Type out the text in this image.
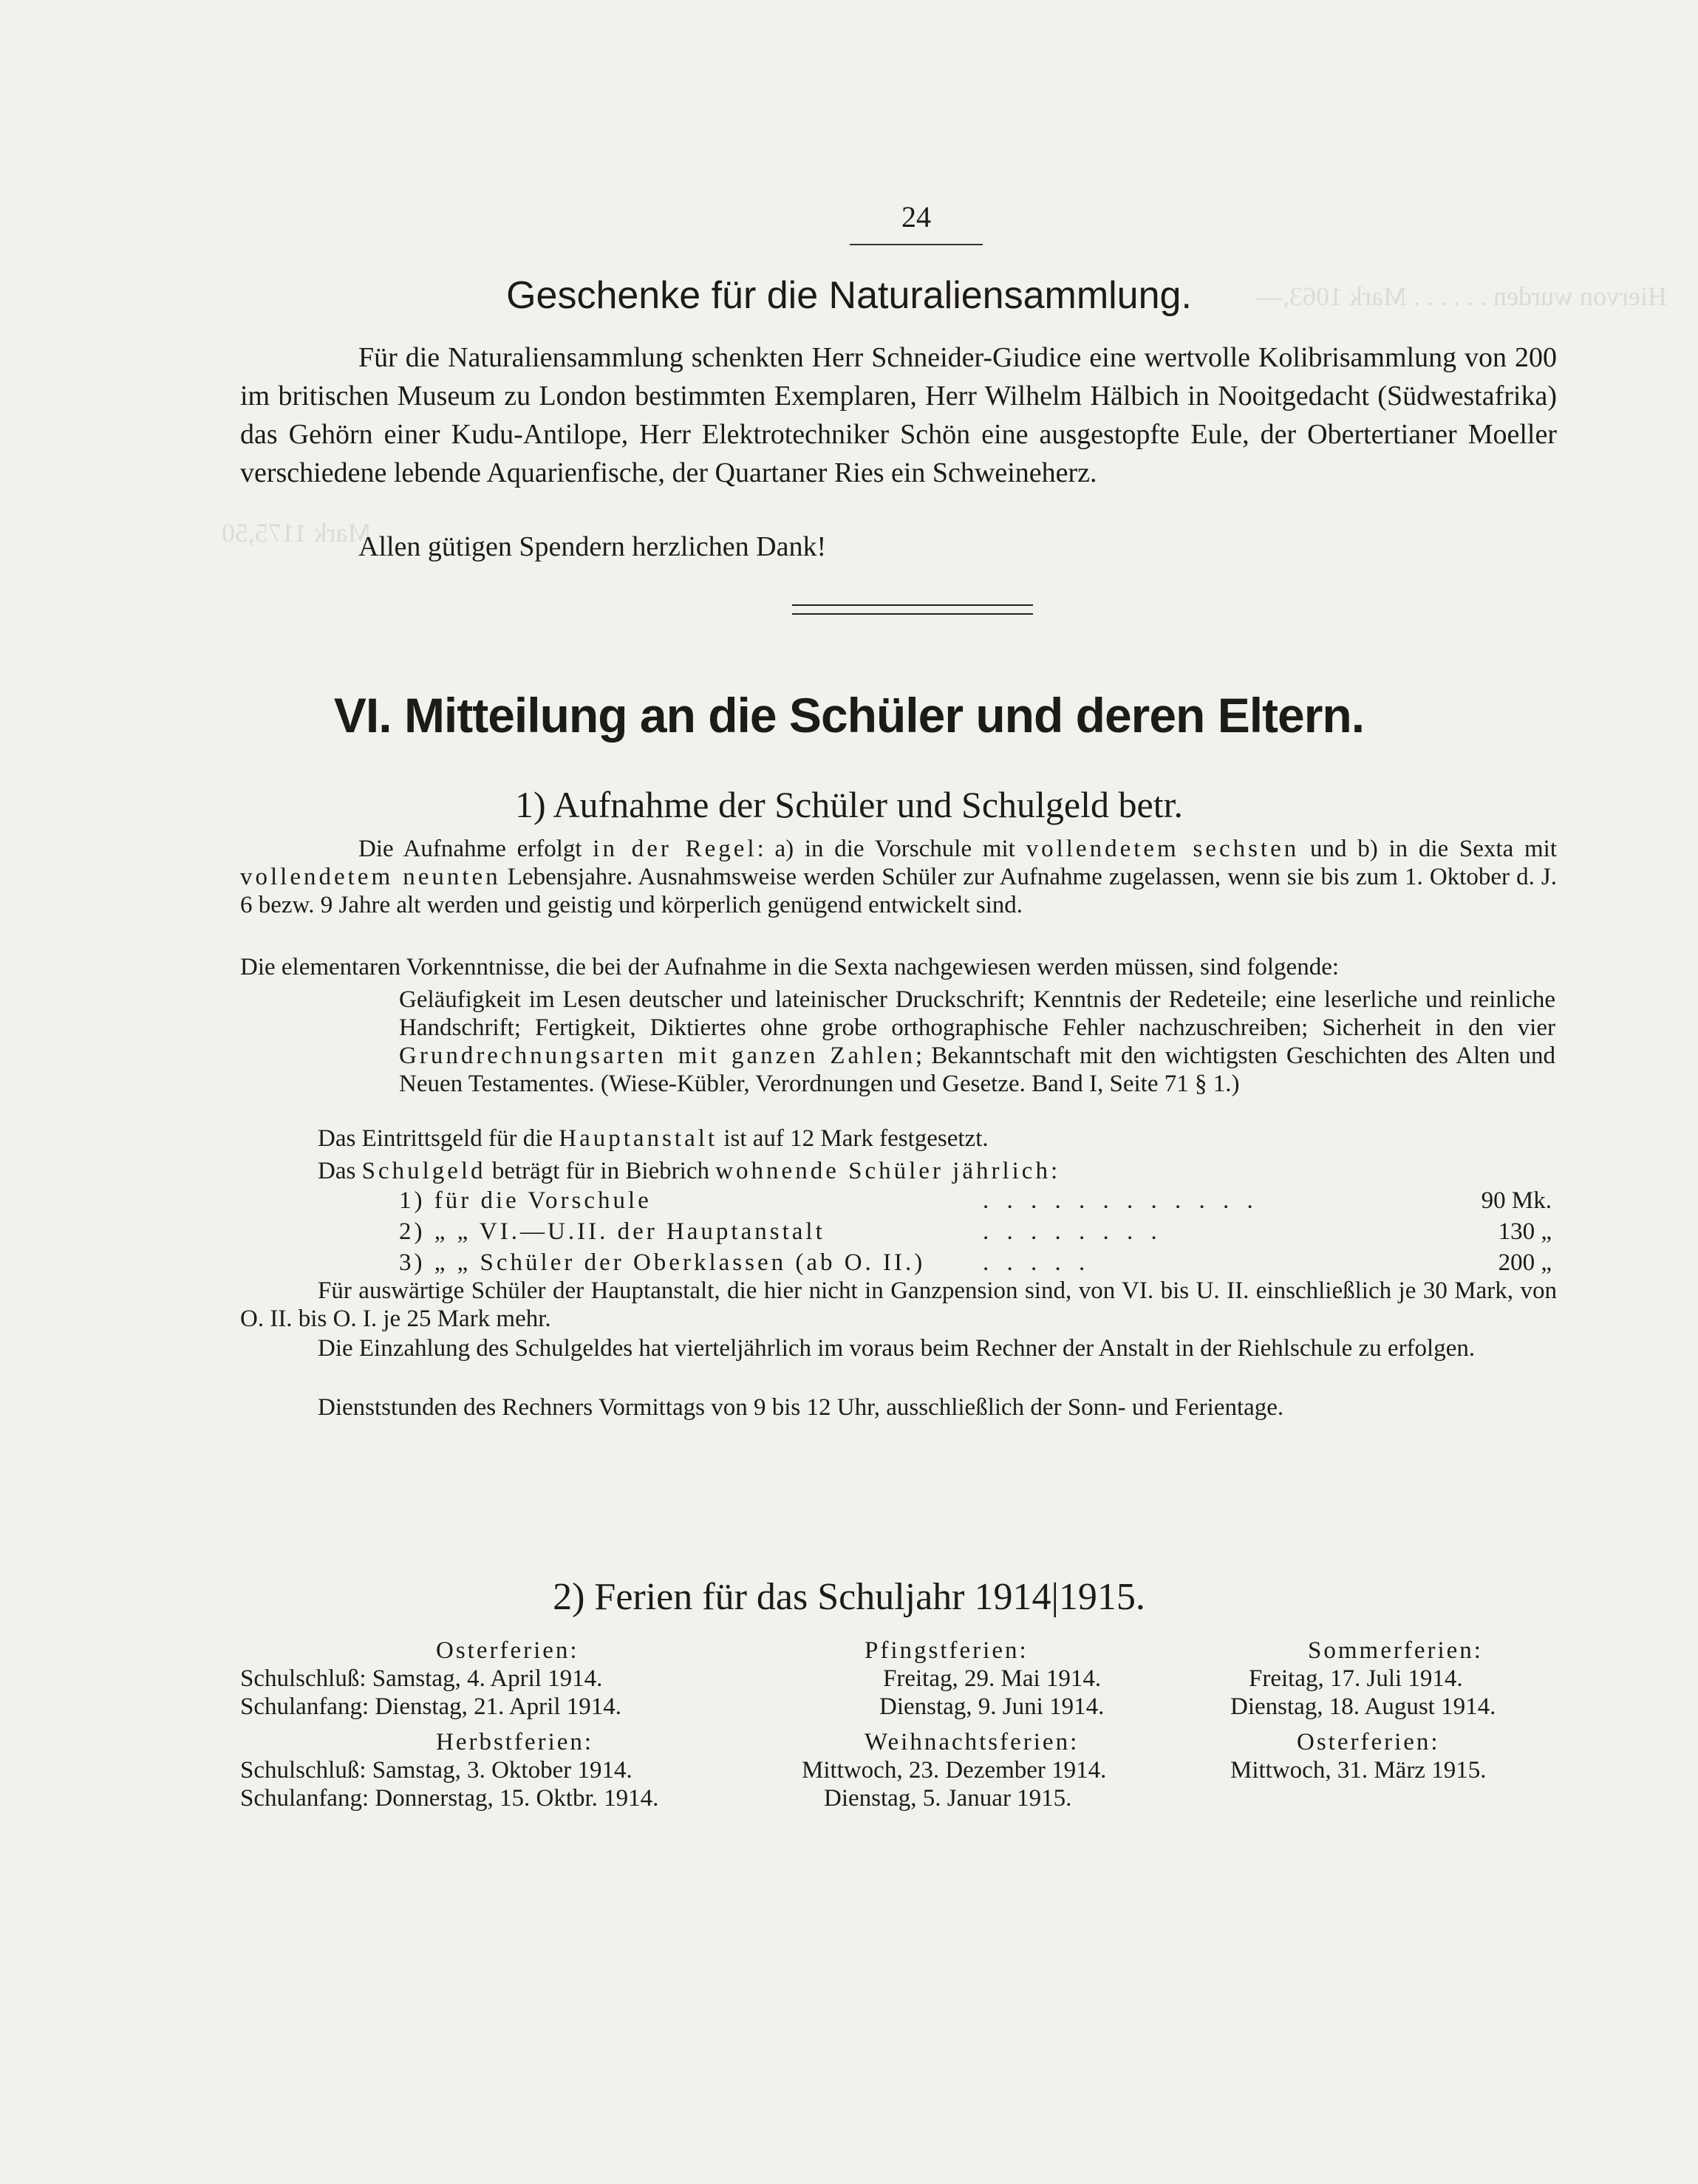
Hiervon wurden . . . . . . Mark 1063,—
Mark 1175,50
24
Geschenke für die Naturaliensammlung.
Für die Naturaliensammlung schenkten Herr Schneider-Giudice eine wertvolle Kolibrisammlung von 200 im britischen Museum zu London bestimmten Exemplaren, Herr Wilhelm Hälbich in Nooitgedacht (Südwestafrika) das Gehörn einer Kudu-Antilope, Herr Elektrotechniker Schön eine ausgestopfte Eule, der Obertertianer Moeller verschiedene lebende Aquarienfische, der Quartaner Ries ein Schweineherz.
Allen gütigen Spendern herzlichen Dank!
VI. Mitteilung an die Schüler und deren Eltern.
1) Aufnahme der Schüler und Schulgeld betr.
Die Aufnahme erfolgt in der Regel: a) in die Vorschule mit vollendetem sechsten und b) in die Sexta mit vollendetem neunten Lebensjahre. Ausnahmsweise werden Schüler zur Aufnahme zugelassen, wenn sie bis zum 1. Oktober d. J. 6 bezw. 9 Jahre alt werden und geistig und körperlich genügend entwickelt sind.
Die elementaren Vorkenntnisse, die bei der Aufnahme in die Sexta nachgewiesen werden müssen, sind folgende:
Geläufigkeit im Lesen deutscher und lateinischer Druckschrift; Kenntnis der Redeteile; eine leserliche und reinliche Handschrift; Fertigkeit, Diktiertes ohne grobe orthographische Fehler nachzuschreiben; Sicherheit in den vier Grundrechnungsarten mit ganzen Zahlen; Bekanntschaft mit den wichtigsten Geschichten des Alten und Neuen Testamentes. (Wiese-Kübler, Verordnungen und Gesetze. Band I, Seite 71 § 1.)
Das Eintrittsgeld für die Hauptanstalt ist auf 12 Mark festgesetzt.
Das Schulgeld beträgt für in Biebrich wohnende Schüler jährlich:
1) für die Vorschule	. . . . . . . . . . . .	90 Mk.
2) „ „ VI.—U.II. der Hauptanstalt	. . . . . . . .	130 „
3) „ „ Schüler der Oberklassen (ab O. II.) . . . . .	200 „
Für auswärtige Schüler der Hauptanstalt, die hier nicht in Ganzpension sind, von VI. bis U. II. einschließlich je 30 Mark, von O. II. bis O. I. je 25 Mark mehr.
Die Einzahlung des Schulgeldes hat vierteljährlich im voraus beim Rechner der Anstalt in der Riehlschule zu erfolgen.
Dienststunden des Rechners Vormittags von 9 bis 12 Uhr, ausschließlich der Sonn- und Ferientage.
2) Ferien für das Schuljahr 1914|1915.
Osterferien:	Pfingstferien:	Sommerferien:
Schulschluß: Samstag, 4. April 1914.	Freitag, 29. Mai 1914.	Freitag, 17. Juli 1914.
Schulanfang: Dienstag, 21. April 1914.	Dienstag, 9. Juni 1914.	Dienstag, 18. August 1914.
Herbstferien:	Weihnachtsferien:	Osterferien:
Schulschluß: Samstag, 3. Oktober 1914.	Mittwoch, 23. Dezember 1914.	Mittwoch, 31. März 1915.
Schulanfang: Donnerstag, 15. Oktbr. 1914.	Dienstag, 5. Januar 1915.
